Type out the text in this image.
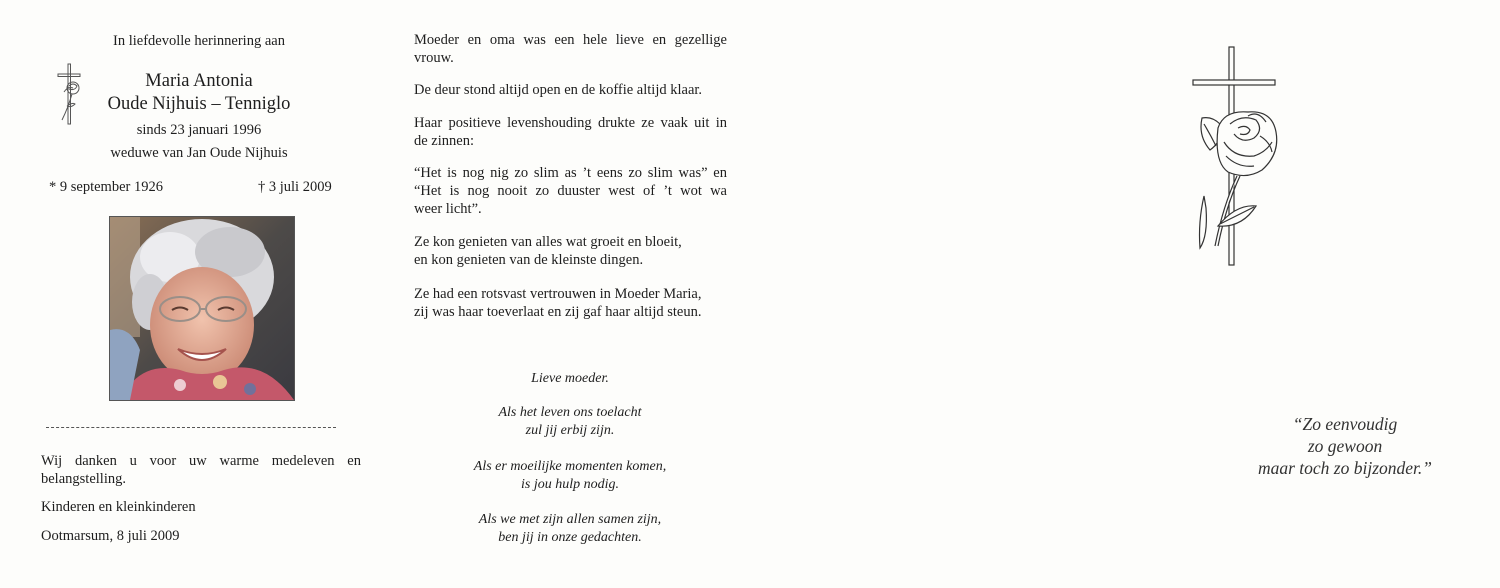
In liefdevolle herinnering aan
Maria Antonia
Oude Nijhuis – Tenniglo
sinds 23 januari 1996
weduwe van Jan Oude Nijhuis
* 9 september 1926	† 3 juli 2009
Wij danken u voor uw warme medeleven en
belangstelling.
Kinderen en kleinkinderen
Ootmarsum, 8 juli 2009
Moeder en oma was een hele lieve en gezellige
vrouw.
De deur stond altijd open en de koffie altijd klaar.
Haar positieve levenshouding drukte ze vaak uit in
de zinnen:
“Het is nog nig zo slim as ’t eens zo slim was” en
“Het is nog nooit zo duuster west of ’t wot wa
weer licht”.
Ze kon genieten van alles wat groeit en bloeit,
en kon genieten van de kleinste dingen.
Ze had een rotsvast vertrouwen in Moeder Maria,
zij was haar toeverlaat en zij gaf haar altijd steun.
Lieve moeder.
Als het leven ons toelacht
zul jij erbij zijn.
Als er moeilijke momenten komen,
is jou hulp nodig.
Als we met zijn allen samen zijn,
ben jij in onze gedachten.
“Zo eenvoudig
zo gewoon
maar toch zo bijzonder.”
